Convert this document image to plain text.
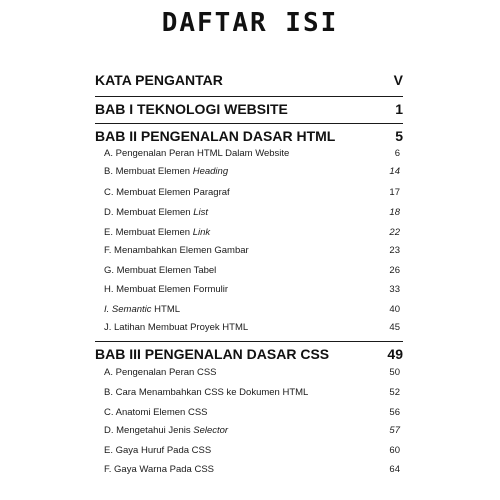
DAFTAR ISI
KATA PENGANTAR	V
BAB I TEKNOLOGI WEBSITE	1
BAB II PENGENALAN DASAR HTML	5
A. Pengenalan Peran HTML Dalam Website	6
B. Membuat Elemen Heading	14
C. Membuat Elemen Paragraf	17
D. Membuat Elemen List	18
E. Membuat Elemen Link	22
F. Menambahkan Elemen Gambar	23
G. Membuat Elemen Tabel	26
H. Membuat Elemen Formulir	33
I. Semantic HTML	40
J. Latihan Membuat Proyek HTML	45
BAB III PENGENALAN DASAR CSS	49
A. Pengenalan Peran CSS	50
B. Cara Menambahkan CSS ke Dokumen HTML	52
C. Anatomi Elemen CSS	56
D. Mengetahui Jenis Selector	57
E. Gaya Huruf Pada CSS	60
F. Gaya Warna Pada CSS	64
